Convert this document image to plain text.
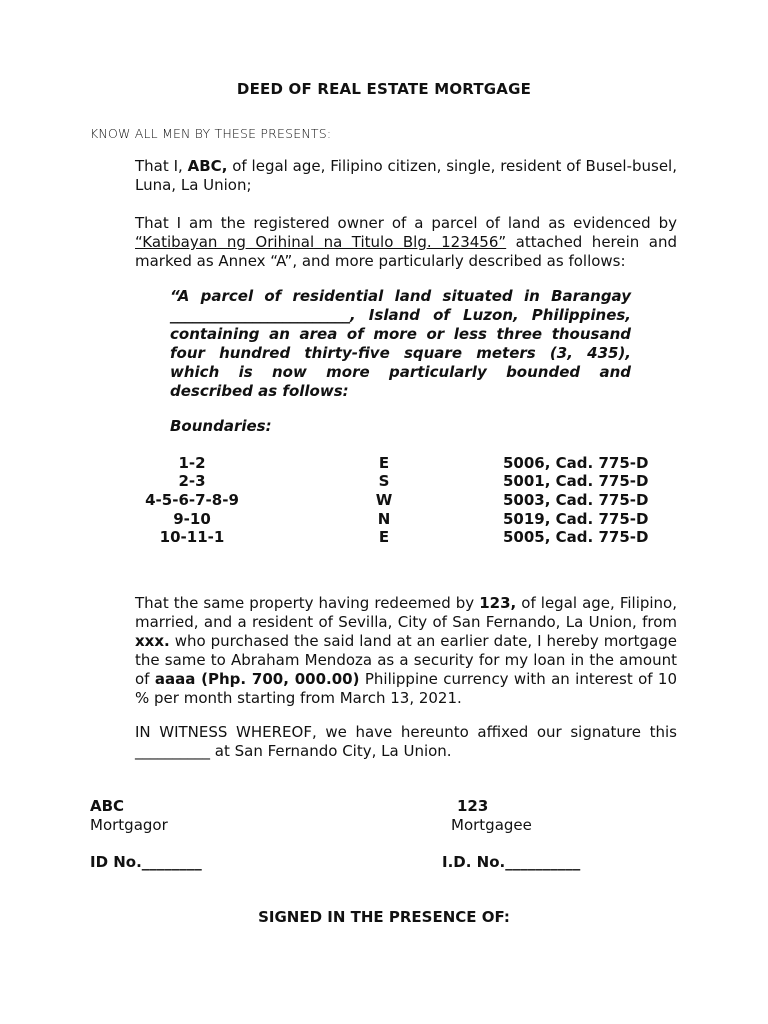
DEED OF REAL ESTATE MORTGAGE
KNOW ALL MEN BY THESE PRESENTS:
That I, ABC, of legal age, Filipino citizen, single, resident of Busel-busel, Luna, La Union;
That I am the registered owner of a parcel of land as evidenced by “Katibayan ng Orihinal na Titulo Blg. 123456” attached herein and marked as Annex “A”, and more particularly described as follows:
“A parcel of residential land situated in Barangay ________________________, Island of Luzon, Philippines, containing an area of more or less three thousand four hundred thirty-five square meters (3, 435), which is now more particularly bounded and described as follows:
Boundaries:
1-2	E	5006, Cad. 775-D
2-3	S	5001, Cad. 775-D
4-5-6-7-8-9	W	5003, Cad. 775-D
9-10	N	5019, Cad. 775-D
10-11-1	E	5005, Cad. 775-D
That the same property having redeemed by 123, of legal age, Filipino, married, and a resident of Sevilla, City of San Fernando, La Union, from xxx. who purchased the said land at an earlier date, I hereby mortgage the same to Abraham Mendoza as a security for my loan in the amount of aaaa (Php. 700, 000.00) Philippine currency with an interest of 10 % per month starting from March 13, 2021.
IN WITNESS WHEREOF, we have hereunto affixed our signature this __________ at San Fernando City, La Union.
ABC
Mortgagor
123
Mortgagee
ID No.________	I.D. No.__________
SIGNED IN THE PRESENCE OF:
